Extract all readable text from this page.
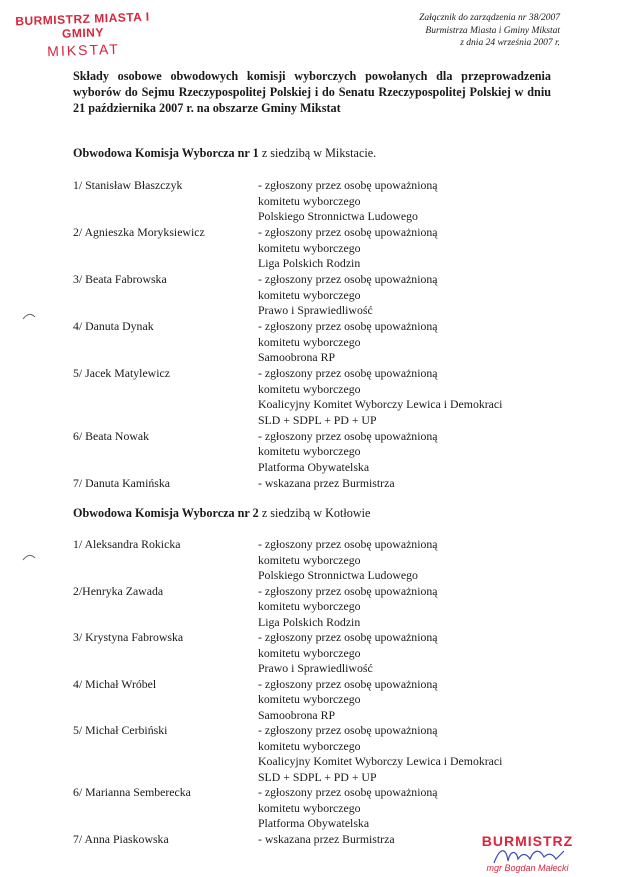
BURMISTRZ MIASTA I GMINY
MIKSTAT
Załącznik do zarządzenia nr 38/2007
Burmistrza Miasta i Gminy Mikstat
z dnia 24 września 2007 r.
Składy osobowe obwodowych komisji wyborczych powołanych dla przeprowadzenia wyborów do Sejmu Rzeczypospolitej Polskiej i do Senatu Rzeczypospolitej Polskiej w dniu 21 października 2007 r. na obszarze Gminy Mikstat
Obwodowa Komisja Wyborcza nr 1 z siedzibą w Mikstacie.
1/ Stanisław Błaszczyk	- zgłoszony przez osobę upoważnioną
komitetu wyborczego
Polskiego Stronnictwa Ludowego
2/ Agnieszka Moryksiewicz	- zgłoszony przez osobę upoważnioną
komitetu wyborczego
Liga Polskich Rodzin
3/ Beata Fabrowska	- zgłoszony przez osobę upoważnioną
komitetu wyborczego
Prawo i Sprawiedliwość
4/ Danuta Dynak	- zgłoszony przez osobę upoważnioną
komitetu wyborczego
Samoobrona RP
5/ Jacek Matylewicz	- zgłoszony przez osobę upoważnioną
komitetu wyborczego
Koalicyjny Komitet Wyborczy Lewica i Demokraci
SLD + SDPL + PD + UP
6/ Beata Nowak	- zgłoszony przez osobę upoważnioną
komitetu wyborczego
Platforma Obywatelska
7/ Danuta Kamińska	- wskazana przez Burmistrza
Obwodowa Komisja Wyborcza nr 2 z siedzibą w Kotłowie
1/ Aleksandra Rokicka	- zgłoszony przez osobę upoważnioną
komitetu wyborczego
Polskiego Stronnictwa Ludowego
2/Henryka Zawada	- zgłoszony przez osobę upoważnioną
komitetu wyborczego
Liga Polskich Rodzin
3/ Krystyna Fabrowska	- zgłoszony przez osobę upoważnioną
komitetu wyborczego
Prawo i Sprawiedliwość
4/ Michał Wróbel	- zgłoszony przez osobę upoważnioną
komitetu wyborczego
Samoobrona RP
5/ Michał Cerbiński	- zgłoszony przez osobę upoważnioną
komitetu wyborczego
Koalicyjny Komitet Wyborczy Lewica i Demokraci
SLD + SDPL + PD + UP
6/ Marianna Semberecka	- zgłoszony przez osobę upoważnioną
komitetu wyborczego
Platforma Obywatelska
7/ Anna Piaskowska	- wskazana przez Burmistrza	BURMISTRZ
mgr Bogdan Małecki
